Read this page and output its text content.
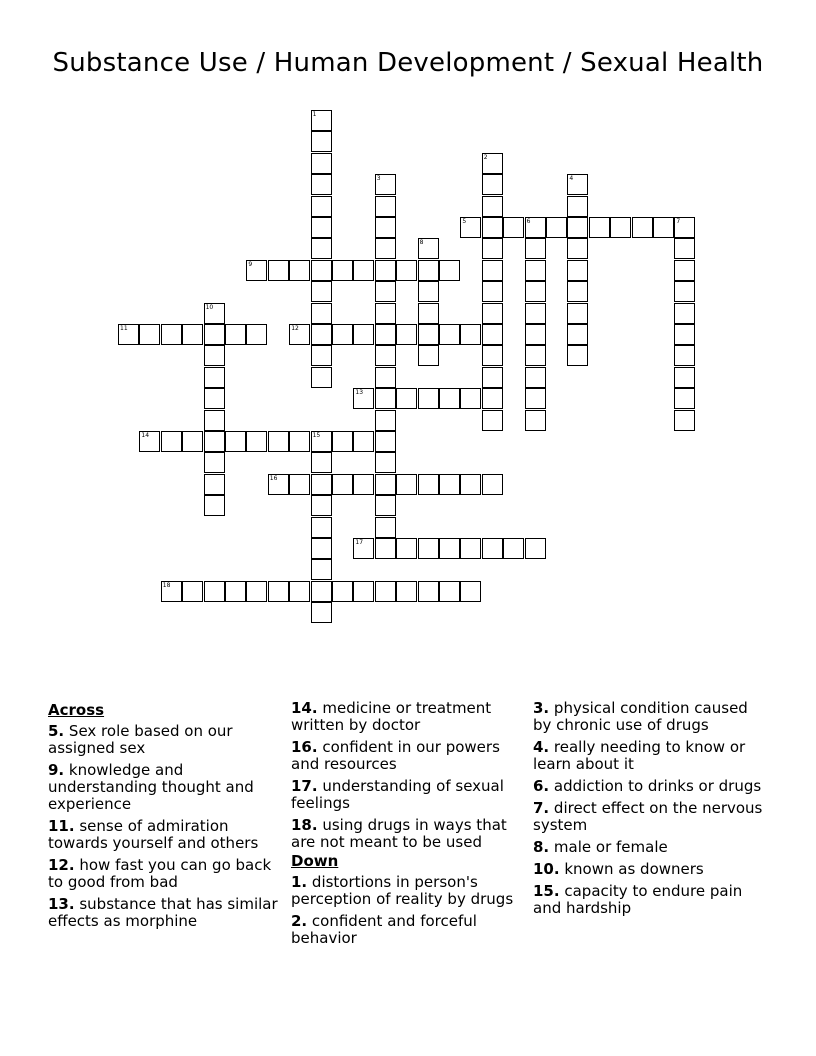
Substance Use / Human Development / Sexual Health
1
2
3	4
5	6	7
8
9
10
11	12
13
14	15
16
17
18
Across
5. Sex role based on our assigned sex
9. knowledge and understanding thought and experience
11. sense of admiration towards yourself and others
12. how fast you can go back to good from bad
13. substance that has similar effects as morphine
14. medicine or treatment written by doctor
16. confident in our powers and resources
17. understanding of sexual feelings
18. using drugs in ways that are not meant to be used
Down
1. distortions in person's perception of reality by drugs
2. confident and forceful behavior
3. physical condition caused by chronic use of drugs
4. really needing to know or learn about it
6. addiction to drinks or drugs
7. direct effect on the nervous system
8. male or female
10. known as downers
15. capacity to endure pain and hardship
